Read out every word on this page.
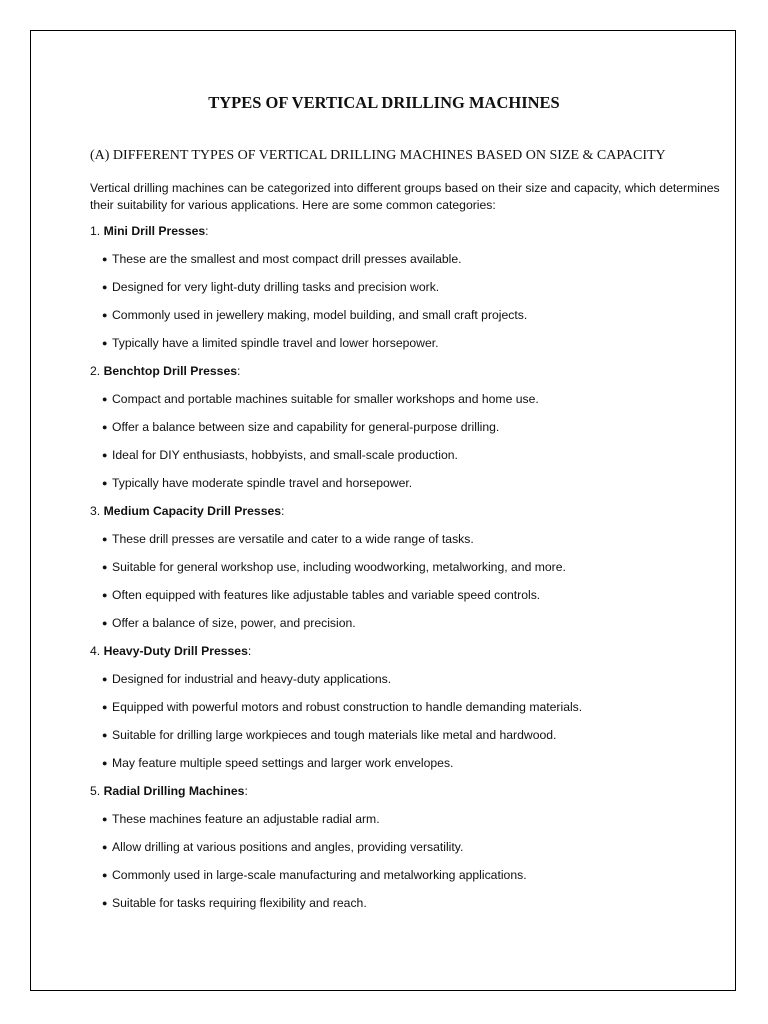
TYPES OF VERTICAL DRILLING MACHINES

(A) DIFFERENT TYPES OF VERTICAL DRILLING MACHINES BASED ON SIZE & CAPACITY

Vertical drilling machines can be categorized into different groups based on their size and capacity, which determines their suitability for various applications. Here are some common categories:

1. Mini Drill Presses:
● These are the smallest and most compact drill presses available.
● Designed for very light-duty drilling tasks and precision work.
● Commonly used in jewellery making, model building, and small craft projects.
● Typically have a limited spindle travel and lower horsepower.
2. Benchtop Drill Presses:
● Compact and portable machines suitable for smaller workshops and home use.
● Offer a balance between size and capability for general-purpose drilling.
● Ideal for DIY enthusiasts, hobbyists, and small-scale production.
● Typically have moderate spindle travel and horsepower.
3. Medium Capacity Drill Presses:
● These drill presses are versatile and cater to a wide range of tasks.
● Suitable for general workshop use, including woodworking, metalworking, and more.
● Often equipped with features like adjustable tables and variable speed controls.
● Offer a balance of size, power, and precision.
4. Heavy-Duty Drill Presses:
● Designed for industrial and heavy-duty applications.
● Equipped with powerful motors and robust construction to handle demanding materials.
● Suitable for drilling large workpieces and tough materials like metal and hardwood.
● May feature multiple speed settings and larger work envelopes.
5. Radial Drilling Machines:
● These machines feature an adjustable radial arm.
● Allow drilling at various positions and angles, providing versatility.
● Commonly used in large-scale manufacturing and metalworking applications.
● Suitable for tasks requiring flexibility and reach.
